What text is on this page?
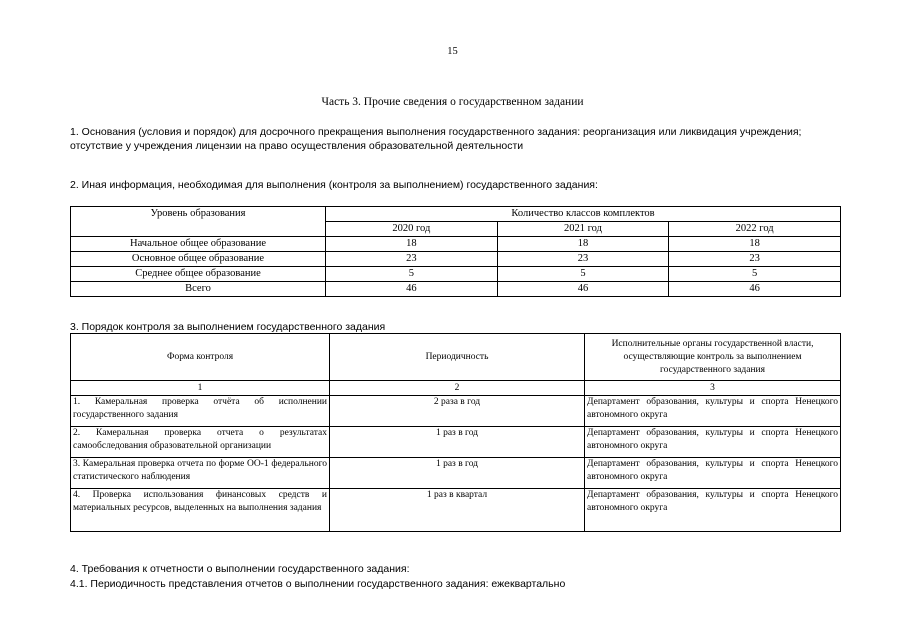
15
Часть 3. Прочие сведения о государственном задании
1. Основания (условия и порядок) для досрочного прекращения выполнения государственного задания: реорганизация или ликвидация учреждения; отсутствие у учреждения лицензии на право осуществления образовательной деятельности
2. Иная информация, необходимая для выполнения (контроля за выполнением) государственного задания:
Уровень образования	Количество классов комплектов		
	2020 год	2021 год	2022 год
Начальное общее образование	18	18	18
Основное общее образование	23	23	23
Среднее общее образование	5	5	5
Всего	46	46	46
3. Порядок контроля за выполнением государственного задания
Форма контроля	Периодичность	Исполнительные органы государственной власти, осуществляющие контроль за выполнением государственного задания
1	2	3
1. Камеральная проверка отчёта об исполнении государственного задания	2 раза в год	Департамент образования, культуры и спорта Ненецкого автономного округа
2. Камеральная проверка отчета о результатах самообследования образовательной организации	1 раз в год	Департамент образования, культуры и спорта Ненецкого автономного округа
3. Камеральная проверка отчета по форме ОО-1 федерального статистического наблюдения	1 раз в год	Департамент образования, культуры и спорта Ненецкого автономного округа
4. Проверка использования финансовых средств и материальных ресурсов, выделенных на выполнения задания	1 раз в квартал	Департамент образования, культуры и спорта Ненецкого автономного округа
4. Требования к отчетности о выполнении государственного задания:
4.1. Периодичность представления отчетов о выполнении государственного задания: ежеквартально
